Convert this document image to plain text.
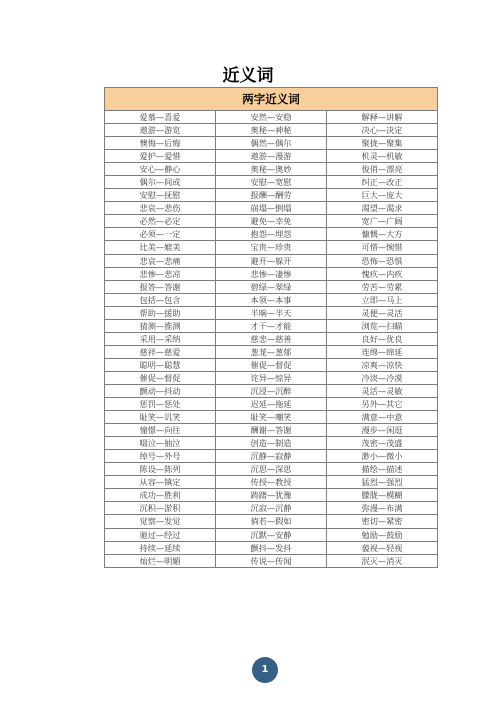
近义词
两字近义词		
爱慕—喜爱	安然—安稳	解释—讲解
遨游—游览	奥秘—神秘	决心—决定
懊悔—后悔	偶然—偶尔	聚拢—聚集
爱护—爱惜	遨游—漫游	机灵—机敏
安心—静心	奥秘—奥妙	俊俏—漂亮
偶尔—间或	安慰—宽慰	纠正—改正
安慰—抚慰	报酬—酬劳	巨大—庞大
悲哀—悲伤	崩塌—倒塌	渴望—渴求
必然—必定	避免—幸免	宽广—广阔
必须—一定	抱怨—埋怨	慷慨—大方
比美—媲美	宝贵—珍贵	可惜—惋惜
悲哀—悲痛	避开—躲开	恐怖—恐惧
悲惨—悲凉	悲惨—凄惨	愧疚—内疚
报答—答谢	碧绿—翠绿	劳苦—劳累
包括—包含	本领—本事	立即—马上
帮助—援助	半晌—半天	灵便—灵活
猜测—推测	才干—才能	浏览—扫瞄
采用—采纳	慈悲—慈善	良好—优良
慈祥—慈爱	葱茏—葱郁	连绵—绵延
聪明—聪慧	催促—督促	凉爽—凉快
催促—督促	诧异—惊异	冷淡—冷漠
颤动—抖动	沉浸—沉醉	灵活—灵敏
惩罚—惩处	迟延—拖延	另外—其它
耻笑—讥笑	耻笑—嘲笑	满意—中意
憧憬—向往	酬谢—答谢	漫步—闲逛
啜泣—抽泣	创造—制造	茂密—茂盛
绰号—外号	沉静—寂静	渺小—微小
陈设—陈列	沉思—深思	描绘—描述
从容—镇定	传授—教授	猛烈—强烈
成功—胜利	踌躇—犹豫	朦胧—模糊
沉积—淤积	沉寂—沉静	弥漫—布满
觉察—发觉	倘若—假如	密切—紧密
驰过—经过	沉默—安静	勉励—鼓励
持续—延续	颤抖—发抖	藐视—轻视
灿烂—明媚	传说—传闻	泯灭—消灭
1
